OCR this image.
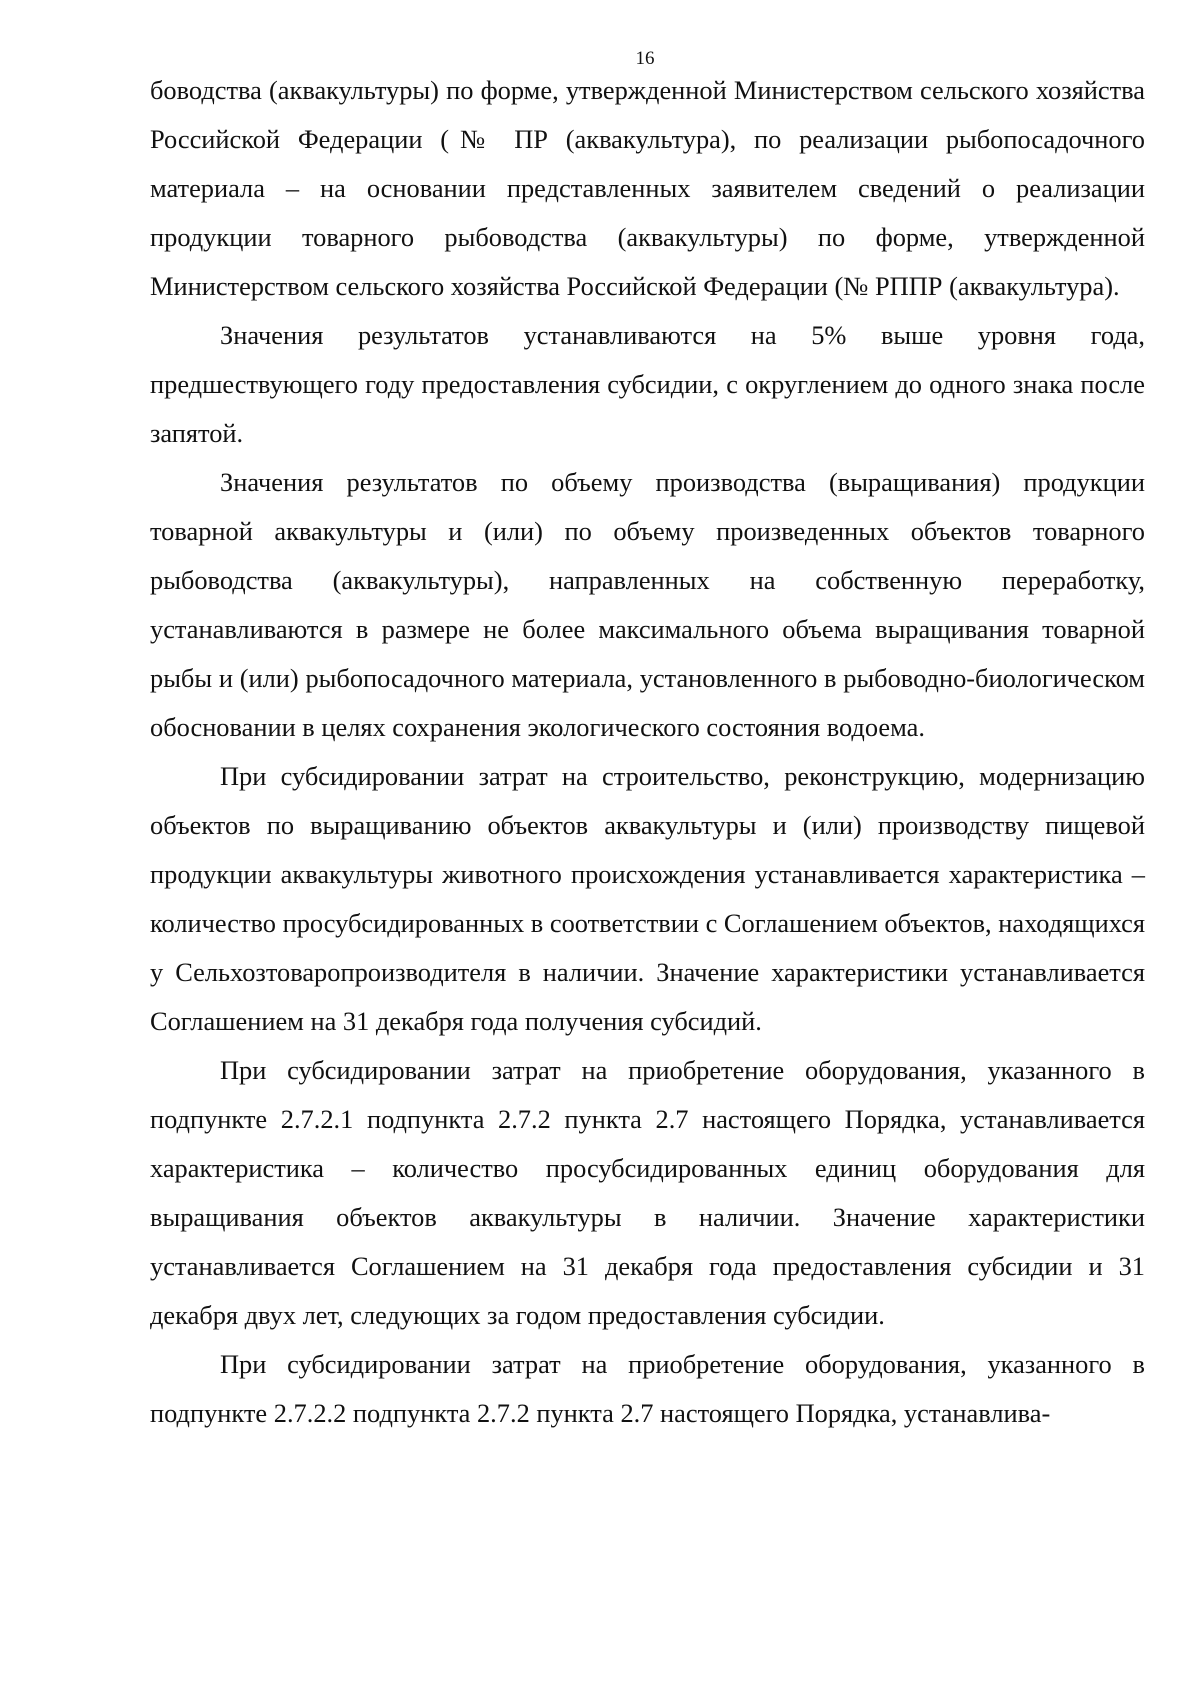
16

боводства (аквакультуры) по форме, утвержденной Министерством сельского хозяйства Российской Федерации (№ ПР (аквакультура), по реализации рыбопосадочного материала – на основании представленных заявителем сведений о реализации продукции товарного рыбоводства (аквакультуры) по форме, утвержденной Министерством сельского хозяйства Российской Федерации (№ РППР (аквакультура).

Значения результатов устанавливаются на 5% выше уровня года, предшествующего году предоставления субсидии, с округлением до одного знака после запятой.

Значения результатов по объему производства (выращивания) продукции товарной аквакультуры и (или) по объему произведенных объектов товарного рыбоводства (аквакультуры), направленных на собственную переработку, устанавливаются в размере не более максимального объема выращивания товарной рыбы и (или) рыбопосадочного материала, установленного в рыбоводно-биологическом обосновании в целях сохранения экологического состояния водоема.

При субсидировании затрат на строительство, реконструкцию, модернизацию объектов по выращиванию объектов аквакультуры и (или) производству пищевой продукции аквакультуры животного происхождения устанавливается характеристика – количество просубсидированных в соответствии с Соглашением объектов, находящихся у Сельхозтоваропроизводителя в наличии. Значение характеристики устанавливается Соглашением на 31 декабря года получения субсидий.

При субсидировании затрат на приобретение оборудования, указанного в подпункте 2.7.2.1 подпункта 2.7.2 пункта 2.7 настоящего Порядка, устанавливается характеристика – количество просубсидированных единиц оборудования для выращивания объектов аквакультуры в наличии. Значение характеристики устанавливается Соглашением на 31 декабря года предоставления субсидии и 31 декабря двух лет, следующих за годом предоставления субсидии.

При субсидировании затрат на приобретение оборудования, указанного в подпункте 2.7.2.2 подпункта 2.7.2 пункта 2.7 настоящего Порядка, устанавлива-
